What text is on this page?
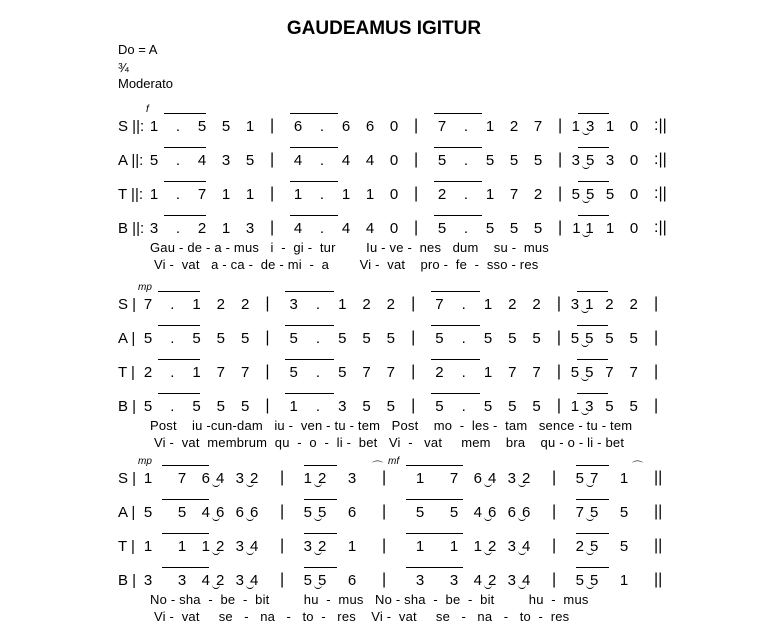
GAUDEAMUS IGITUR
Do = A
¾
Moderato
f
S ||: 1	.	5	5	1 |	6	.	6	6	0 |	7	.	1	2	7 | 13 1	0 :||
A ||: 5	.	4	3	5 |	4	.	4	4	0 |	5	.	5	5	5 | 35 3	0 :||
T ||: 1	.	7	1	1 |	1	.	1	1	0 |	2	.	1	7	2 | 55 5	0 :||
B ||: 3	.	2	1	3 |	4	.	4	4	0 |	5	.	5	5	5 | 11 1	0 :||
Gau - de - a - mus   i  -  gi -  tur        Iu - ve -  nes   dum    su -  mus
Vi -  vat   a - ca -  de - mi  -  a        Vi -  vat    pro -  fe  -  sso - res
mp
S | 7	.	1	2	2	|	3	.	1	2	2	|	7	.	1	2	2	| 31 2	2	|
A | 5	.	5	5	5	|	5	.	5	5	5	|	5	.	5	5	5	| 55 5	5	|
T | 2	.	1	7	7	|	5	.	5	7	7	|	2	.	1	7	7	| 55 7	7	|
B | 5	.	5	5	5	|	1	.	3	5	5	|	5	.	5	5	5	| 13 5	5	|
Post    iu -cun-dam   iu -  ven - tu - tem   Post    mo  -  les -  tam   sence - tu - tem
Vi -  vat  membrum  qu  -  o  -  li -  bet   Vi  -   vat     mem    bra    qu - o - li - bet
mp	mf
S | 1	7	64 32 |	12	3	|	1	7	64 32 |	57	1	||
A | 5	5	46 66 |	55	6	|	5	5	46 66 |	75	5	||
T | 1	1	12 34 |	32	1	|	1	1	12 34 |	25	5	||
B | 3	3	42 34 |	55	6	|	3	3	42 34 |	55	1	||
No - sha  -  be  -  bit         hu  -  mus   No - sha  -  be  -  bit         hu  -  mus
Vi -  vat     se   -   na   -   to  -   res    Vi -  vat     se   -   na   -   to  -  res
⌒	⌒
